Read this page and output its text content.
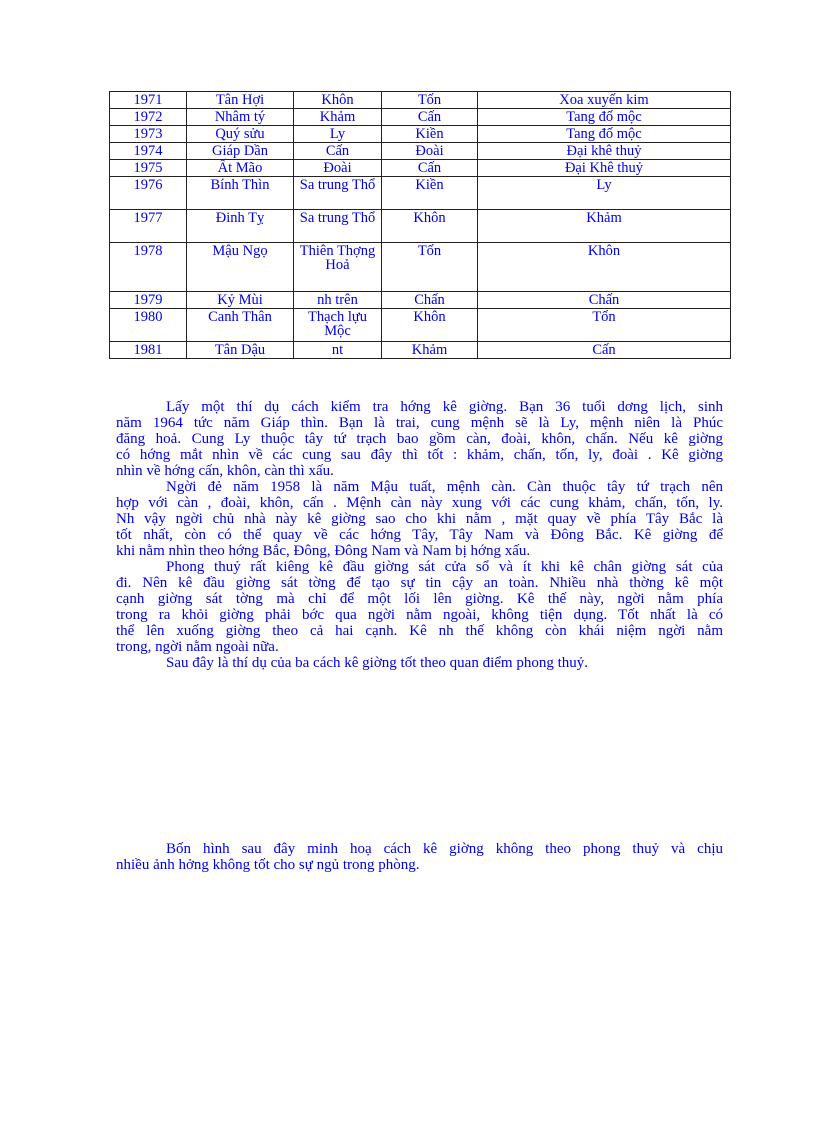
1971	Tân Hợi	Khôn	Tốn	Xoa xuyến kim
1972	Nhâm tý	Khảm	Cấn	Tang đố mộc
1973	Quý sửu	Ly	Kiền	Tang đố mộc
1974	Giáp Dần	Cấn	Đoài	Đại khê thuỷ
1975	Ất Mão	Đoài	Cấn	Đại Khê thuỷ
1976	Bính Thìn	Sa trung Thổ	Kiền	Ly
1977	Đinh Tỵ	Sa trung Thổ	Khôn	Khảm
1978	Mậu Ngọ	Thiên Thợng Hoả	Tốn	Khôn
1979	Kỷ Mùi	nh trên	Chấn	Chấn
1980	Canh Thân	Thạch lựu Mộc	Khôn	Tốn
1981	Tân Dậu	nt	Khảm	Cấn
Lấy một thí dụ cách kiểm tra hớng kê giờng. Bạn 36 tuổi dơng lịch, sinh
năm 1964 tức năm Giáp thìn. Bạn là trai, cung mệnh sẽ là Ly, mệnh niên là Phúc
đăng hoả. Cung Ly thuộc tây tứ trạch bao gồm càn, đoài, khôn, chấn. Nếu kê giờng
có hớng mắt nhìn về các cung sau đây thì tốt : khảm, chấn, tốn, ly, đoài . Kê giờng
nhìn về hớng cấn, khôn, càn thì xấu.
Ngời đẻ năm 1958 là năm Mậu tuất, mệnh càn. Càn thuộc tây tứ trạch nên
hợp với càn , đoài, khôn, cấn . Mệnh càn này xung với các cung khảm, chấn, tốn, ly.
Nh vậy ngời chủ nhà này kê giờng sao cho khi nằm , mặt quay về phía Tây Bắc là
tốt nhất, còn có thể quay về các hớng Tây, Tây Nam và Đông Bắc. Kê giờng để
khi nằm nhìn theo hớng Bắc, Đông, Đông Nam và Nam bị hớng xấu.
Phong thuỷ rất kiêng kê đầu giờng sát cửa sổ và ít khi kê chân giờng sát của
đi. Nên kê đầu giờng sát tờng để tạo sự tin cậy an toàn. Nhiều nhà thờng kê một
cạnh giờng sát tờng mà chỉ để một lối lên giờng. Kê thế này, ngời nằm phía
trong ra khỏi giờng phải bớc qua ngời nằm ngoài, không tiện dụng. Tốt nhất là có
thể lên xuống giờng theo cả hai cạnh. Kê nh thế không còn khái niệm ngời nằm
trong, ngời nằm ngoài nữa.
Sau đây là thí dụ của ba cách kê giờng tốt theo quan điểm phong thuỷ.
Bốn hình sau đây minh hoạ cách kê giờng không theo phong thuỷ và chịu
nhiều ảnh hởng không tốt cho sự ngủ trong phòng.
